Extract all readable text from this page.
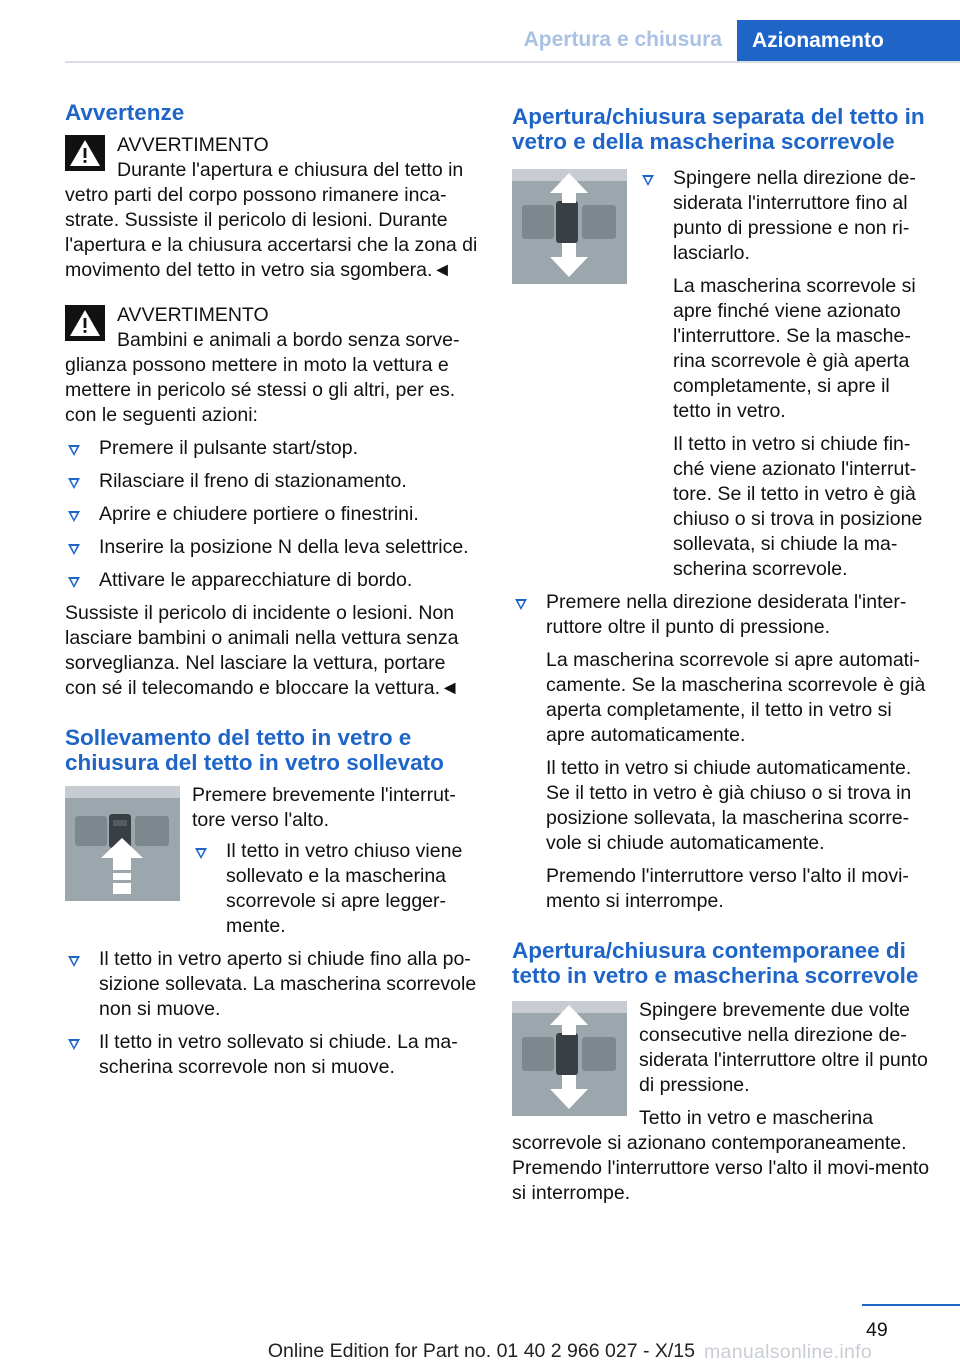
Apertura e chiusura	Azionamento
Avvertenze

AVVERTIMENTO

Durante l'apertura e chiusura del tetto in vetro parti del corpo possono rimanere inca-strate. Sussiste il pericolo di lesioni. Durante l'apertura e la chiusura accertarsi che la zona di movimento del tetto in vetro sia sgombera.◄

AVVERTIMENTO

Bambini e animali a bordo senza sorve-glianza possono mettere in moto la vettura e mettere in pericolo sé stessi o gli altri, per es. con le seguenti azioni:

Premere il pulsante start/stop.
Rilasciare il freno di stazionamento.
Aprire e chiudere portiere o finestrini.
Inserire la posizione N della leva selettrice.
Attivare le apparecchiature di bordo.

Sussiste il pericolo di incidente o lesioni. Non lasciare bambini o animali nella vettura senza sorveglianza. Nel lasciare la vettura, portare con sé il telecomando e bloccare la vettura.◄

Sollevamento del tetto in vetro e chiusura del tetto in vetro sollevato

Premere brevemente l'interrut-tore verso l'alto.

Il tetto in vetro chiuso viene sollevato e la mascherina scorrevole si apre legger-mente.
Il tetto in vetro aperto si chiude fino alla po-sizione sollevata. La mascherina scorrevole non si muove.
Il tetto in vetro sollevato si chiude. La ma-scherina scorrevole non si muove.
Apertura/chiusura separata del tetto in vetro e della mascherina scorrevole

Spingere nella direzione de-siderata l'interruttore fino al punto di pressione e non ri-lasciarlo.

La mascherina scorrevole si apre finché viene azionato l'interruttore. Se la masche-rina scorrevole è già aperta completamente, si apre il tetto in vetro.

Il tetto in vetro si chiude fin-ché viene azionato l'interrut-tore. Se il tetto in vetro è già chiuso o si trova in posizione sollevata, si chiude la ma-scherina scorrevole.

Premere nella direzione desiderata l'inter-ruttore oltre il punto di pressione.

La mascherina scorrevole si apre automati-camente. Se la mascherina scorrevole è già aperta completamente, il tetto in vetro si apre automaticamente.

Il tetto in vetro si chiude automaticamente. Se il tetto in vetro è già chiuso o si trova in posizione sollevata, la mascherina scorre-vole si chiude automaticamente.

Premendo l'interruttore verso l'alto il movi-mento si interrompe.

Apertura/chiusura contemporanee di tetto in vetro e mascherina scorrevole

Spingere brevemente due volte consecutive nella direzione de-siderata l'interruttore oltre il punto di pressione.

Tetto in vetro e mascherina scorrevole si azionano contemporaneamente. Premendo l'interruttore verso l'alto il movi-mento si interrompe.

49
manualsonline.info
Online Edition for Part no. 01 40 2 966 027 - X/15
